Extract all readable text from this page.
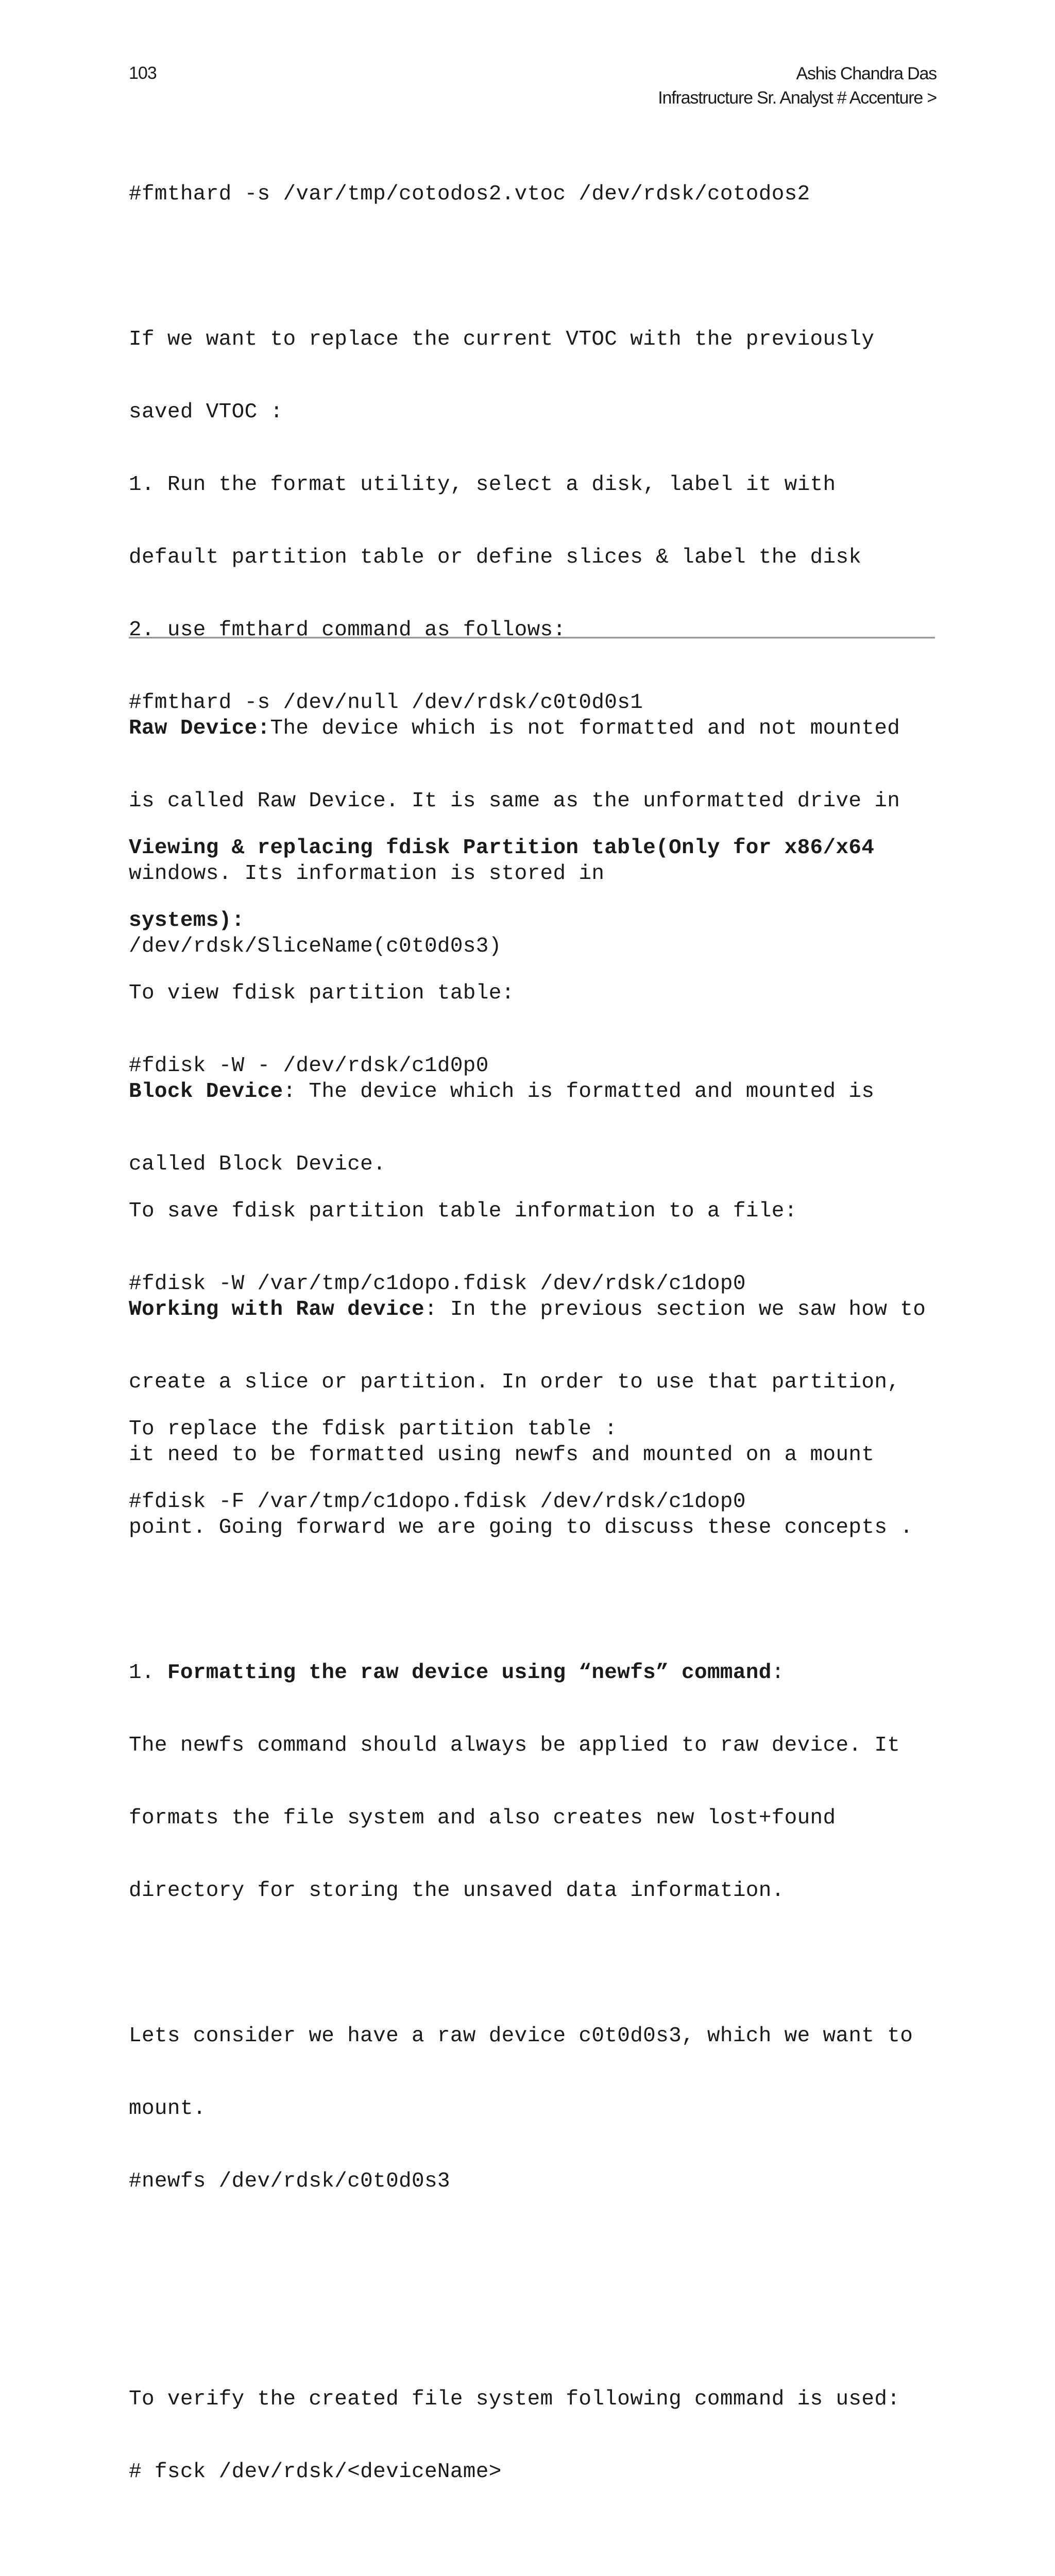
103	Ashis Chandra Das
Infrastructure Sr. Analyst # Accenture >

#fmthard -s /var/tmp/cotodos2.vtoc /dev/rdsk/cotodos2

If we want to replace the current VTOC with the previously

saved VTOC :

1. Run the format utility, select a disk, label it with

default partition table or define slices & label the disk

2. use fmthard command as follows:

#fmthard -s /dev/null /dev/rdsk/c0t0d0s1

Viewing & replacing fdisk Partition table(Only for x86/x64

systems):

To view fdisk partition table:

#fdisk -W - /dev/rdsk/c1d0p0

To save fdisk partition table information to a file:

#fdisk -W /var/tmp/c1dopo.fdisk /dev/rdsk/c1dop0

To replace the fdisk partition table :

#fdisk -F /var/tmp/c1dopo.fdisk /dev/rdsk/c1dop0

Raw Device:The device which is not formatted and not mounted

is called Raw Device. It is same as the unformatted drive in

windows. Its information is stored in

/dev/rdsk/SliceName(c0t0d0s3)

Block Device: The device which is formatted and mounted is

called Block Device.

Working with Raw device: In the previous section we saw how to

create a slice or partition. In order to use that partition,

it need to be formatted using newfs and mounted on a mount

point. Going forward we are going to discuss these concepts .

1. Formatting the raw device using “newfs” command:

The newfs command should always be applied to raw device. It

formats the file system and also creates new lost+found

directory for storing the unsaved data information.

Lets consider we have a raw device c0t0d0s3, which we want to

mount.

#newfs /dev/rdsk/c0t0d0s3

To verify the created file system following command is used:

# fsck /dev/rdsk/<deviceName>
